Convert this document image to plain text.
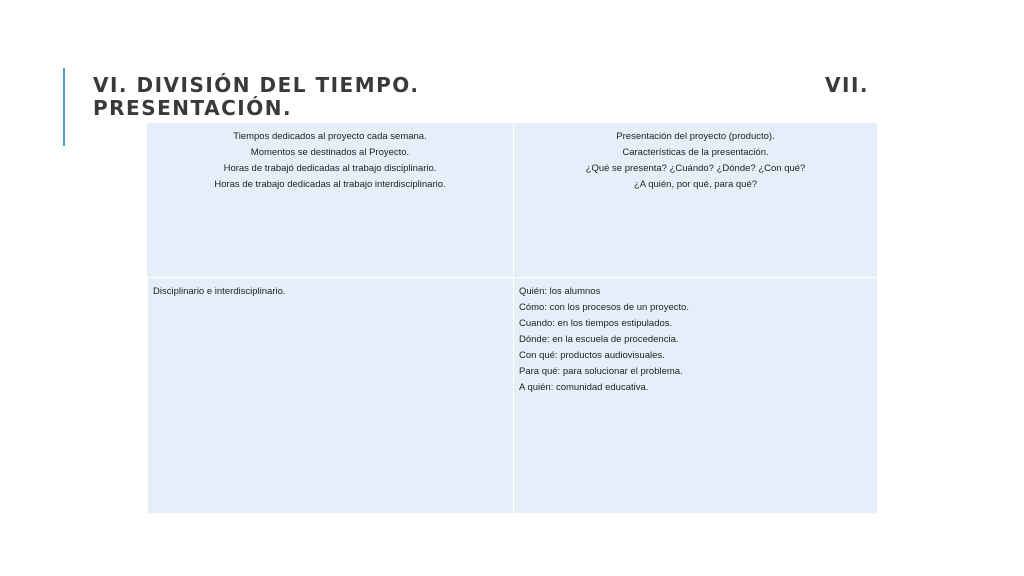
VI. DIVISIÓN DEL TIEMPO.	VII.
PRESENTACIÓN.
Tiempos dedicados al proyecto cada semana.
Momentos se destinados al Proyecto.
Horas de trabajó dedicadas al trabajo disciplinario.
Horas de trabajo dedicadas al trabajo interdisciplinario.
Presentación del proyecto (producto).
Características de la presentación.
¿Qué se presenta? ¿Cuándo? ¿Dónde? ¿Con qué?
¿A quién, por qué, para qué?
Disciplinario e interdisciplinario.	Quién: los alumnos
Cómo: con los procesos de un proyecto.
Cuando: en los tiempos estipulados.
Dónde: en la escuela de procedencia.
Con qué: productos audiovisuales.
Para qué: para solucionar el problema.
A quién: comunidad educativa.
